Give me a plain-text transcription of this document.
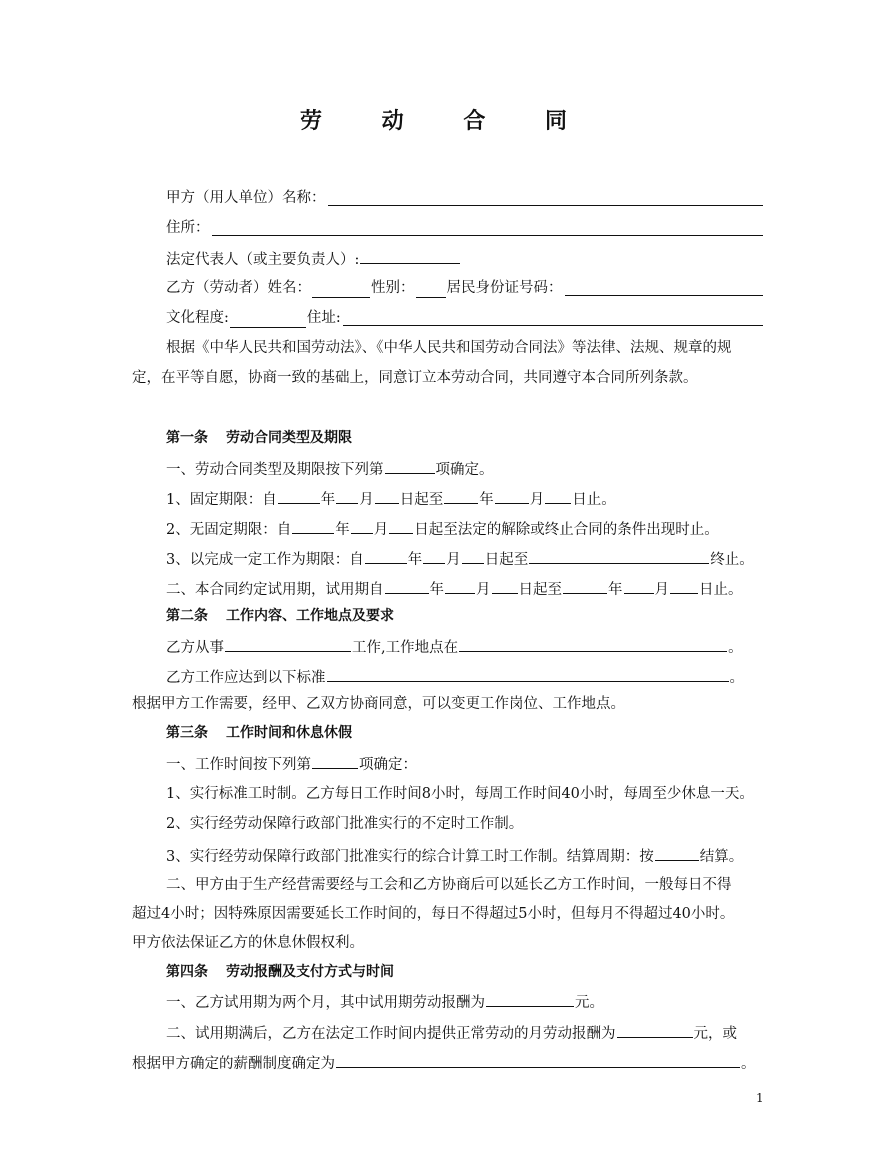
劳 动 合 同
甲方（用人单位）名称：
住所：
法定代表人（或主要负责人）:
乙方（劳动者）姓名：	性别： 居民身份证号码：
文化程度:	住址:
根据《中华人民共和国劳动法》、《中华人民共和国劳动合同法》等法律、法规、规章的规
定，在平等自愿，协商一致的基础上，同意订立本劳动合同，共同遵守本合同所列条款。
第一条 劳动合同类型及期限
一、劳动合同类型及期限按下列第	项确定。
1、固定期限：自	年 月 日起至 年 月 日止。
2、无固定期限：自	年 月 日起至法定的解除或终止合同的条件出现时止。
3、以完成一定工作为期限：自	年 月 日起至	终止。
二、本合同约定试用期，试用期自	年 月 日起至	年 月 日止。
第二条 工作内容、工作地点及要求
乙方从事	工作,工作地点在	。
乙方工作应达到以下标准	。
根据甲方工作需要，经甲、乙双方协商同意，可以变更工作岗位、工作地点。
第三条 工作时间和休息休假
一、工作时间按下列第	项确定：
1、实行标准工时制。乙方每日工作时间8小时，每周工作时间40小时，每周至少休息一天。
2、实行经劳动保障行政部门批准实行的不定时工作制。
3、实行经劳动保障行政部门批准实行的综合计算工时工作制。结算周期：按	结算。
二、甲方由于生产经营需要经与工会和乙方协商后可以延长乙方工作时间，一般每日不得
超过4小时；因特殊原因需要延长工作时间的，每日不得超过5小时，但每月不得超过40小时。
甲方依法保证乙方的休息休假权利。
第四条 劳动报酬及支付方式与时间
一、乙方试用期为两个月，其中试用期劳动报酬为	元。
二、试用期满后，乙方在法定工作时间内提供正常劳动的月劳动报酬为	元，或
根据甲方确定的薪酬制度确定为	。
1
